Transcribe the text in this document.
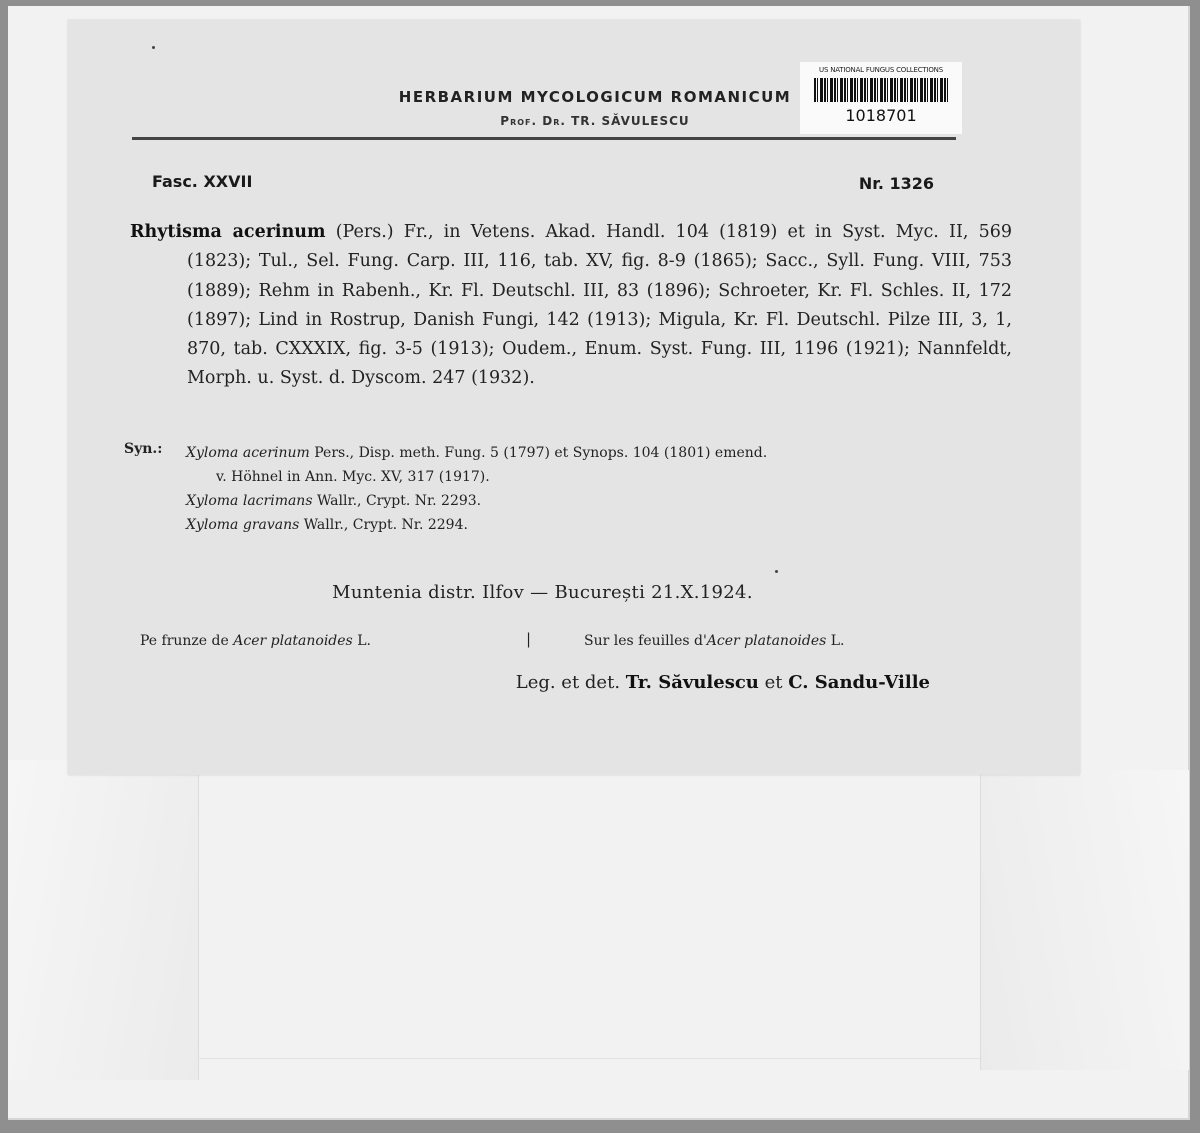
US NATIONAL FUNGUS COLLECTIONS
1018701
HERBARIUM MYCOLOGICUM ROMANICUM
Prof. Dr. TR. SĂVULESCU
Fasc. XXVII	Nr. 1326

Rhytisma acerinum (Pers.) Fr., in Vetens. Akad. Handl. 104 (1819) et in Syst. Myc. II, 569 (1823); Tul., Sel. Fung. Carp. III, 116, tab. XV, fig. 8-9 (1865); Sacc., Syll. Fung. VIII, 753 (1889); Rehm in Rabenh., Kr. Fl. Deutschl. III, 83 (1896); Schroeter, Kr. Fl. Schles. II, 172 (1897); Lind in Rostrup, Danish Fungi, 142 (1913); Migula, Kr. Fl. Deutschl. Pilze III, 3, 1, 870, tab. CXXXIX, fig. 3-5 (1913); Oudem., Enum. Syst. Fung. III, 1196 (1921); Nannfeldt, Morph. u. Syst. d. Dyscom. 247 (1932).

Syn.: Xyloma acerinum Pers., Disp. meth. Fung. 5 (1797) et Synops. 104 (1801) emend.
v. Höhnel in Ann. Myc. XV, 317 (1917).
Xyloma lacrimans Wallr., Crypt. Nr. 2293.
Xyloma gravans Wallr., Crypt. Nr. 2294.
Muntenia distr. Ilfov — București 21.X.1924.
Pe frunze de Acer platanoides L.	|	Sur les feuilles d'Acer platanoides L.
Leg. et det. Tr. Săvulescu et C. Sandu-Ville
